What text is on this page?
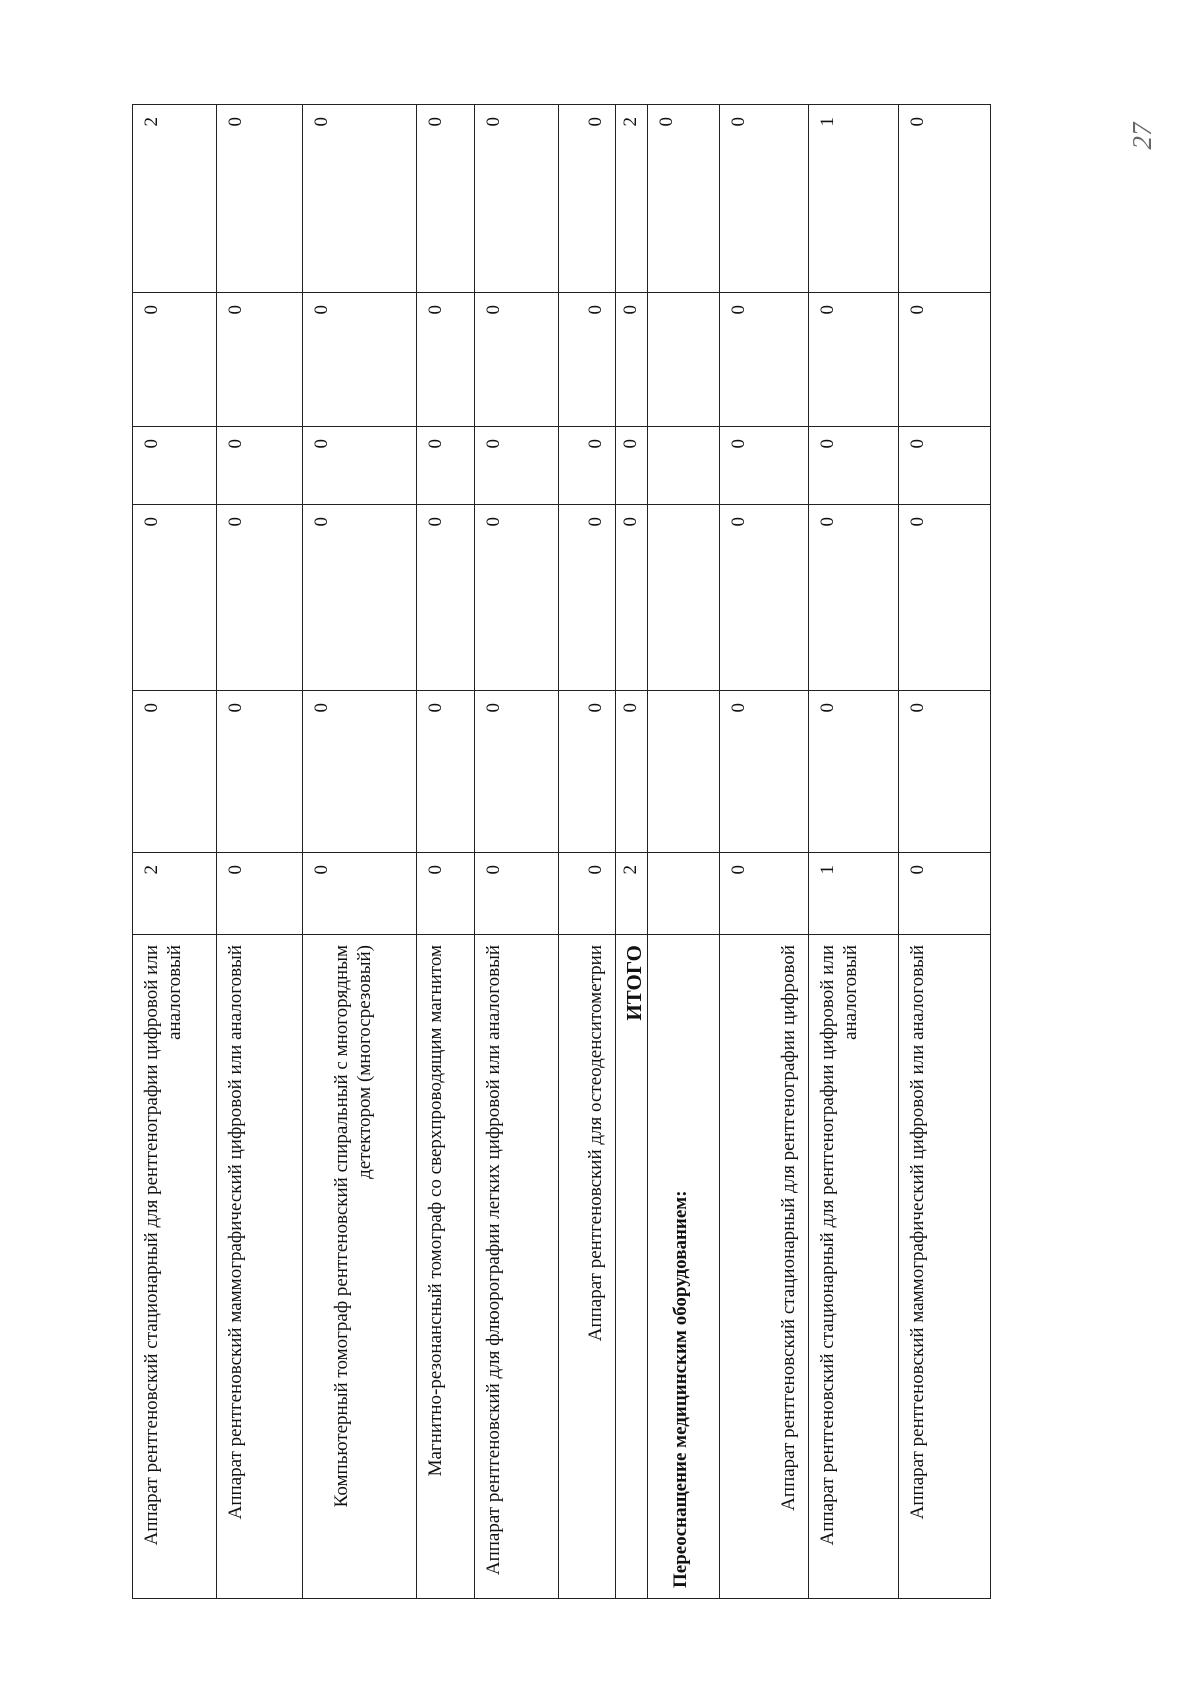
27
Аппарат рентгеновский стационарный для рентгенографии цифровой или аналоговый	2	0	0	0	0	2
Аппарат рентгеновский маммографический цифровой или аналоговый	0	0	0	0	0	0
Компьютерный томограф рентгеновский спиральный с многорядным детектором (многосрезовый)	0	0	0	0	0	0
Магнитно-резонансный томограф со сверхпроводящим магнитом	0	0	0	0	0	0
Аппарат рентгеновский для флюорографии легких цифровой или аналоговый	0	0	0	0	0	0
Аппарат рентгеновский для остеоденситометрии	0	0	0	0	0	0
ИТОГО	2	0	0	0	0	2
Переоснащение медицинским оборудованием:						0
Аппарат рентгеновский стационарный для рентгенографии цифровой	0	0	0	0	0	0
Аппарат рентгеновский стационарный для рентгенографии цифровой или аналоговый	1	0	0	0	0	1
Аппарат рентгеновский маммографический цифровой или аналоговый	0	0	0	0	0	0
